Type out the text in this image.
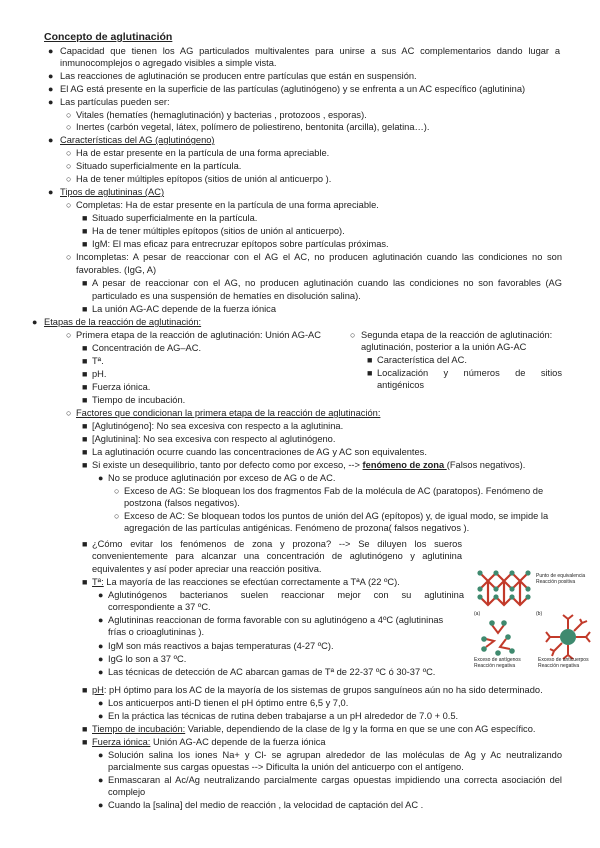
Concepto de aglutinación
● Capacidad que tienen los AG particulados multivalentes para unirse a sus AC complementarios dando lugar a
inmunocomplejos o agregado visibles a simple vista.
● Las reacciones de aglutinación se producen entre partículas que están en suspensión.
● El AG está presente en la superficie de las partículas (aglutinógeno) y se enfrenta a un AC específico (aglutinina)
● Las partículas pueden ser:
○ Vitales (hematíes (hemaglutinación) y bacterias , protozoos , esporas).
○ Inertes (carbón vegetal, látex, polímero de poliestireno, bentonita (arcilla), gelatina…).
● Características del AG (aglutinógeno)
○ Ha de estar presente en la partícula de una forma apreciable.
○ Situado superficialmente en la partícula.
○ Ha de tener múltiples epítopos (sitios de unión al anticuerpo ).
● Tipos de aglutininas (AC)
○ Completas: Ha de estar presente en la partícula de una forma apreciable.
■ Situado superficialmente en la partícula.
■ Ha de tener múltiples epítopos (sitios de unión al anticuerpo).
■ IgM: El mas eficaz para entrecruzar epítopos sobre partículas próximas.
○ Incompletas: A pesar de reaccionar con el AG el AC, no producen aglutinación cuando las condiciones no son
favorables. (IgG, A)
■ A pesar de reaccionar con el AG, no producen aglutinación cuando las condiciones no son favorables (AG
particulado es una suspensión de hematíes en disolución salina).
■ La unión AG-AC depende de la fuerza iónica
● Etapas de la reacción de aglutinación:
○ Primera etapa de la reacción de aglutinación: Unión AG-AC
■ Concentración de AG–AC.
■ Tª.
■ pH.
■ Fuerza iónica.
■ Tiempo de incubación.
○ Segunda etapa de la reacción de aglutinación:
aglutinación, posterior a la unión AG-AC
■ Característica del AC.
■ Localización y números de sitios
antigénicos
○ Factores que condicionan la primera etapa de la reacción de aglutinación:
■ [Aglutinógeno]: No sea excesiva con respecto a la aglutinina.
■ [Aglutinina]: No sea excesiva con respecto al aglutinógeno.
■ La aglutinación ocurre cuando las concentraciones de AG y AC son equivalentes.
■ Si existe un desequilibrio, tanto por defecto como por exceso, --> fenómeno de zona (Falsos negativos).
● No se produce aglutinación por exceso de AG o de AC.
○ Exceso de AG: Se bloquean los dos fragmentos Fab de la molécula de AC (paratopos). Fenómeno de
postzona (falsos negativos).
○ Exceso de AC: Se bloquean todos los puntos de unión del AG (epítopos) y, de igual modo, se impide la
agregación de las partículas antigénicas. Fenómeno de prozona( falsos negativos ).
■ ¿Cómo evitar los fenómenos de zona y prozona? --> Se diluyen los sueros
convenientemente para alcanzar una concentración de aglutinógeno y aglutinina
equivalentes y así poder apreciar una reacción positiva.
■ Tª: La mayoría de las reacciones se efectúan correctamente a TªA (22 ºC).
● Aglutinógenos bacterianos suelen reaccionar mejor con su aglutinina
correspondiente a 37 ºC.
● Aglutininas reaccionan de forma favorable con su aglutinógeno a 4ºC (aglutininas
frías o crioaglutininas ).
● IgM son más reactivos a bajas temperaturas (4-27 ºC).
● IgG lo son a 37 ºC.
● Las técnicas de detección de AC abarcan gamas de Tª de 22-37 ºC ó 30-37 ºC.
■ pH: pH óptimo para los AC de la mayoría de los sistemas de grupos sanguíneos aún no ha sido determinado.
● Los anticuerpos anti-D tienen el pH óptimo entre 6,5 y 7,0.
● En la práctica las técnicas de rutina deben trabajarse a un pH alrededor de 7.0 + 0.5.
■ Tiempo de incubación: Variable, dependiendo de la clase de Ig y la forma en que se une con AG específico.
■ Fuerza iónica: Unión AG-AC depende de la fuerza iónica
● Solución salina los iones Na+ y Cl- se agrupan alrededor de las moléculas de Ag y Ac neutralizando
parcialmente sus cargas opuestas --> Dificulta la unión del anticuerpo con el antígeno.
● Enmascaran al Ac/Ag neutralizando parcialmente cargas opuestas impidiendo una correcta asociación del
complejo
● Cuando la [salina] del medio de reacción , la velocidad de captación del AC .
Punto de equivalencia
Reacción positiva
(a)
Exceso de antígenos
Reacción negativa
(b)
Exceso de anticuerpos
Reacción negativa
